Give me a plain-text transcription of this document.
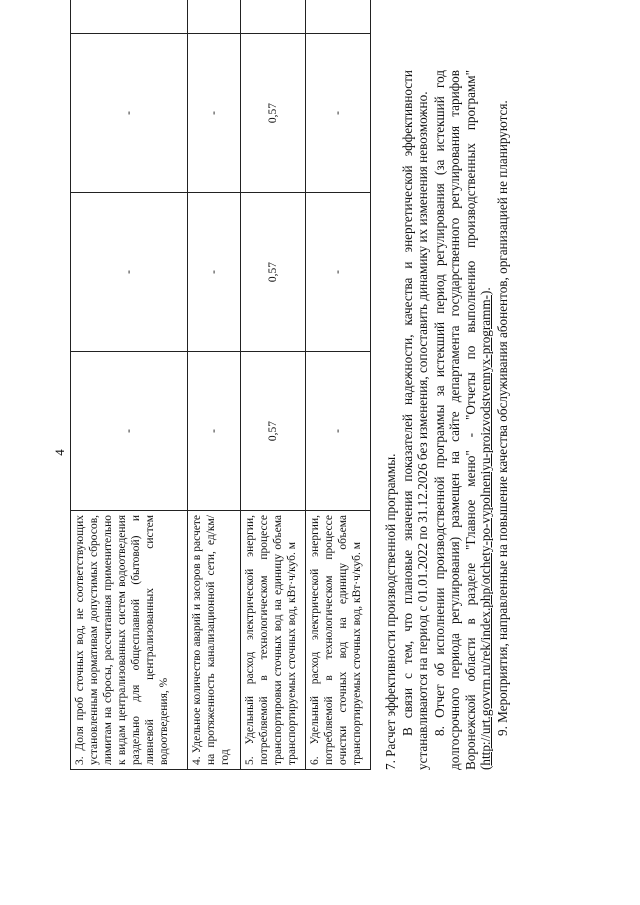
4
3. Доля проб сточных вод, не соответствующих установленным нормативам допустимых сбросов, лимитам на сбросы, рассчитанная применительно к видам централизованных систем водоотведения раздельно для общесплавной (бытовой) и ливневой централизованных систем водоотведения, %	-	-	-	
4. Удельное количество аварий и засоров в расчете на протяженность канализационной сети, ед/км/год	-	-	-	
5. Удельный расход электрической энергии, потребляемой в технологическом процессе транспортировки сточных вод на единицу объема транспортируемых сточных вод, кВт·ч/куб. м	0,57	0,57	0,57	
6. Удельный расход электрической энергии, потребляемой в технологическом процессе очистки сточных вод на единицу объема транспортируемых сточных вод, кВт·ч/куб. м	-	-	-	

7. Расчет эффективности производственной программы. В связи с тем, что плановые значения показателей надежности, качества и энергетической эффективности устанавливаются на период с 01.01.2022 по 31.12.2026 без изменения, сопоставить динамику их изменения невозможно. 8. Отчет об исполнении производственной программы за истекший период регулирования (за истекший год долгосрочного периода регулирования) размещен на сайте департамента государственного регулирования тарифов Воронежской области в разделе "Главное меню" - "Отчеты по выполнению производственных программ" (http://urt.govvrn.ru/rek/index.php/otchety-po-vypolneniyu-proizvodstvennyx-programm-). 9. Мероприятия, направленные на повышение качества обслуживания абонентов, организацией не планируются.
